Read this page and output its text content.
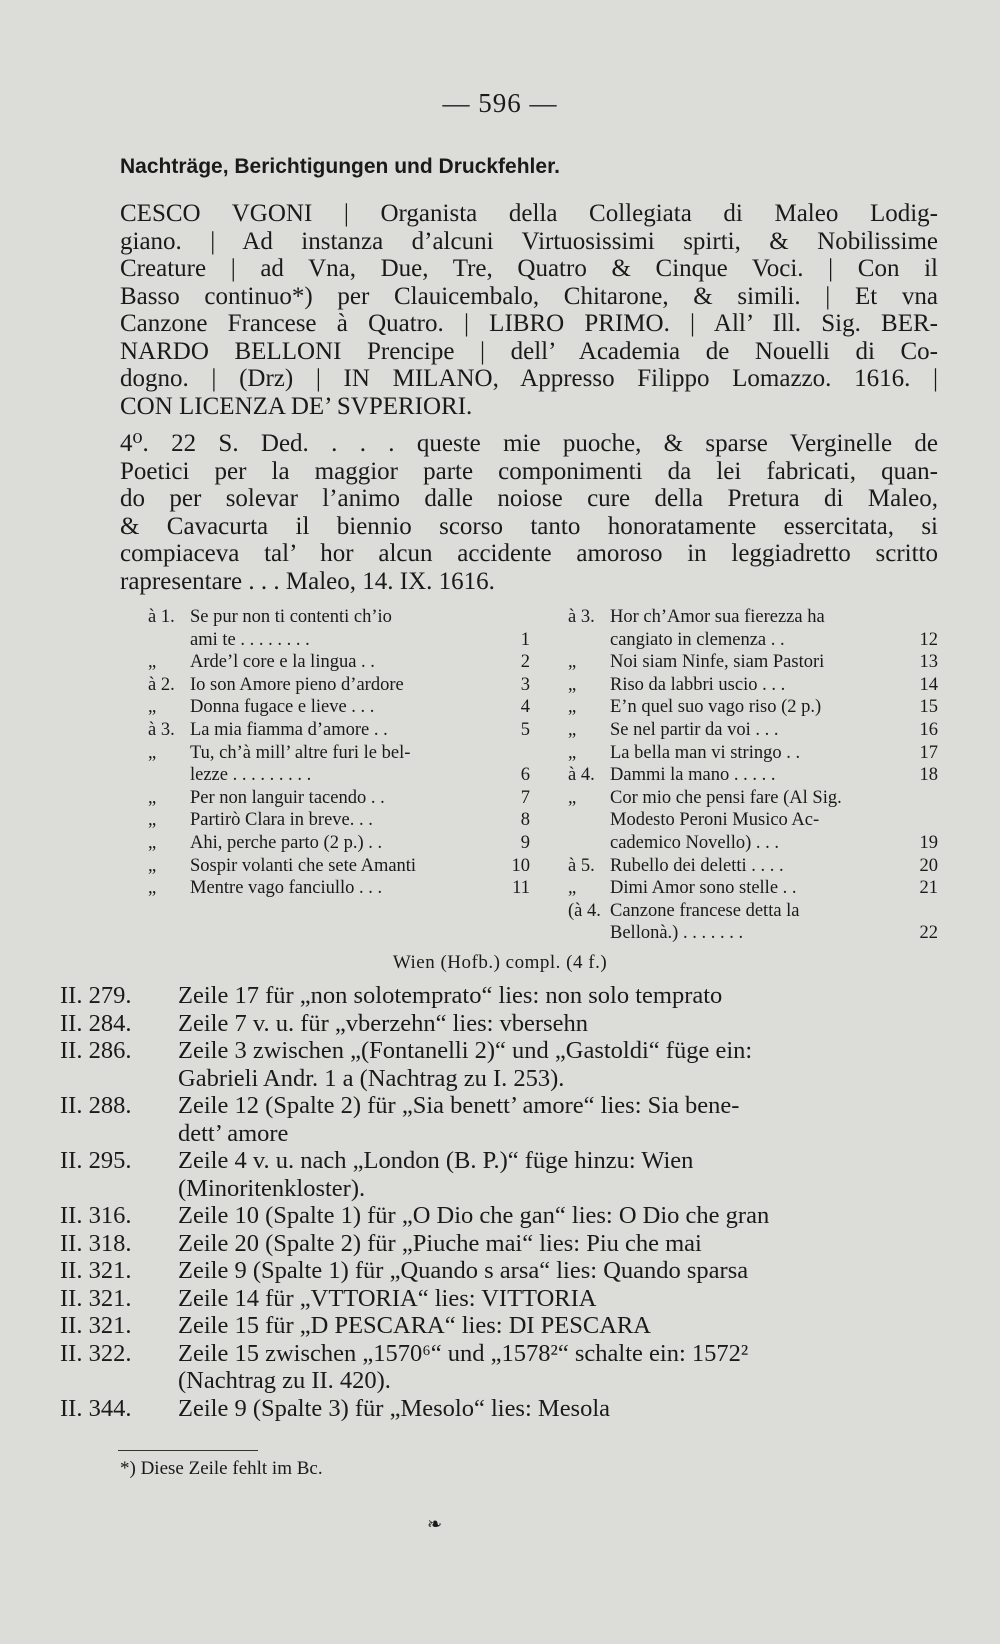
— 596 —
Nachträge, Berichtigungen und Druckfehler.
CESCO VGONI | Organista della Collegiata di Maleo Lodig-
giano. | Ad instanza d’alcuni Virtuosissimi spirti, & Nobilissime
Creature | ad Vna, Due, Tre, Quatro & Cinque Voci. | Con il
Basso continuo*) per Clauicembalo, Chitarone, & simili. | Et vna
Canzone Francese à Quatro. | LIBRO PRIMO. | All’ Ill. Sig. BER-
NARDO BELLONI Prencipe | dell’ Academia de Nouelli di Co-
dogno. | (Drz) | IN MILANO, Appresso Filippo Lomazzo. 1616. |
CON LICENZA DE’ SVPERIORI.
4⁰. 22 S. Ded. . . . queste mie puoche, & sparse Verginelle de
Poetici per la maggior parte componimenti da lei fabricati, quan-
do per solevar l’animo dalle noiose cure della Pretura di Maleo,
& Cavacurta il biennio scorso tanto honoratamente essercitata, si
compiaceva tal’ hor alcun accidente amoroso in leggiadretto scritto
rapresentare . . . Maleo, 14. IX. 1616.
à 1. Se pur non ti contenti ch’io
ami te . . . . . . . .	1
„ Arde’l core e la lingua . .	2
à 2. Io son Amore pieno d’ardore	3
„ Donna fugace e lieve . . .	4
à 3. La mia fiamma d’amore . .	5
„ Tu, ch’à mill’ altre furi le bel-
lezze . . . . . . . . .	6
„ Per non languir tacendo . .	7
„ Partirò Clara in breve. . .	8
„ Ahi, perche parto (2 p.) . .	9
„ Sospir volanti che sete Amanti	10
„ Mentre vago fanciullo . . .	11
à 3. Hor ch’Amor sua fierezza ha
cangiato in clemenza . .	12
„ Noi siam Ninfe, siam Pastori	13
„ Riso da labbri uscio . . .	14
„ E’n quel suo vago riso (2 p.)	15
„ Se nel partir da voi . . .	16
„ La bella man vi stringo . .	17
à 4. Dammi la mano . . . . .	18
„ Cor mio che pensi fare (Al Sig.
Modesto Peroni Musico Ac-
cademico Novello) . . .	19
à 5. Rubello dei deletti . . . .	20
„ Dimi Amor sono stelle . .	21
(à 4. Canzone francese detta la
Bellonà.) . . . . . . .	22
Wien (Hofb.) compl. (4 f.)
II. 279.	Zeile 17 für „non solotemprato“ lies: non solo temprato
II. 284.	Zeile 7 v. u. für „vberzehn“ lies: vbersehn
II. 286.	Zeile 3 zwischen „(Fontanelli 2)“ und „Gastoldi“ füge ein:
Gabrieli Andr. 1 a (Nachtrag zu I. 253).
II. 288.	Zeile 12 (Spalte 2) für „Sia benett’ amore“ lies: Sia bene-
dett’ amore
II. 295.	Zeile 4 v. u. nach „London (B. P.)“ füge hinzu: Wien
(Minoritenkloster).
II. 316.	Zeile 10 (Spalte 1) für „O Dio che gan“ lies: O Dio che gran
II. 318.	Zeile 20 (Spalte 2) für „Piuche mai“ lies: Piu che mai
II. 321.	Zeile 9 (Spalte 1) für „Quando s arsa“ lies: Quando sparsa
II. 321.	Zeile 14 für „VTTORIA“ lies: VITTORIA
II. 321.	Zeile 15 für „D PESCARA“ lies: DI PESCARA
II. 322.	Zeile 15 zwischen „1570⁶“ und „1578²“ schalte ein: 1572²
(Nachtrag zu II. 420).
II. 344.	Zeile 9 (Spalte 3) für „Mesolo“ lies: Mesola
*) Diese Zeile fehlt im Bc.
❧
